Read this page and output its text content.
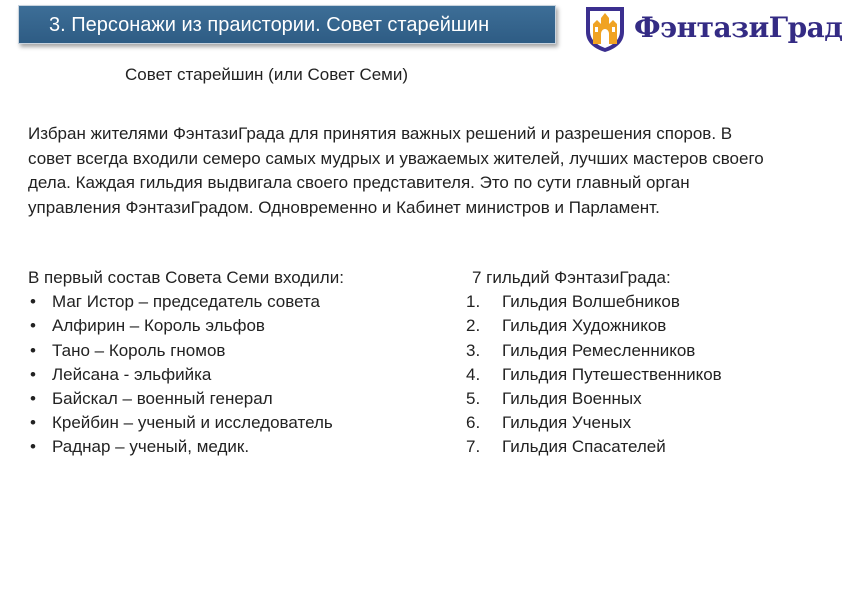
3. Персонажи из праистории. Совет старейшин	ФэнтазиГрад
Совет старейшин (или Совет Семи)
Избран жителями ФэнтазиГрада для принятия важных решений и разрешения споров. В совет всегда входили семеро самых мудрых и уважаемых жителей, лучших мастеров своего дела. Каждая гильдия выдвигала своего представителя. Это по сути главный орган управления ФэнтазиГрадом. Одновременно и Кабинет министров и Парламент.

В первый состав Совета Семи входили:

• Маг Истор – председатель совета
• Алфирин – Король эльфов
• Тано – Король гномов
• Лейсана - эльфийка
• Байскал – военный генерал
• Крейбин – ученый и исследователь
• Раднар – ученый, медик.

7 гильдий ФэнтазиГрада:

1. Гильдия Волшебников
2. Гильдия Художников
3. Гильдия Ремесленников
4. Гильдия Путешественников
5. Гильдия Военных
6. Гильдия Ученых
7. Гильдия Спасателей
